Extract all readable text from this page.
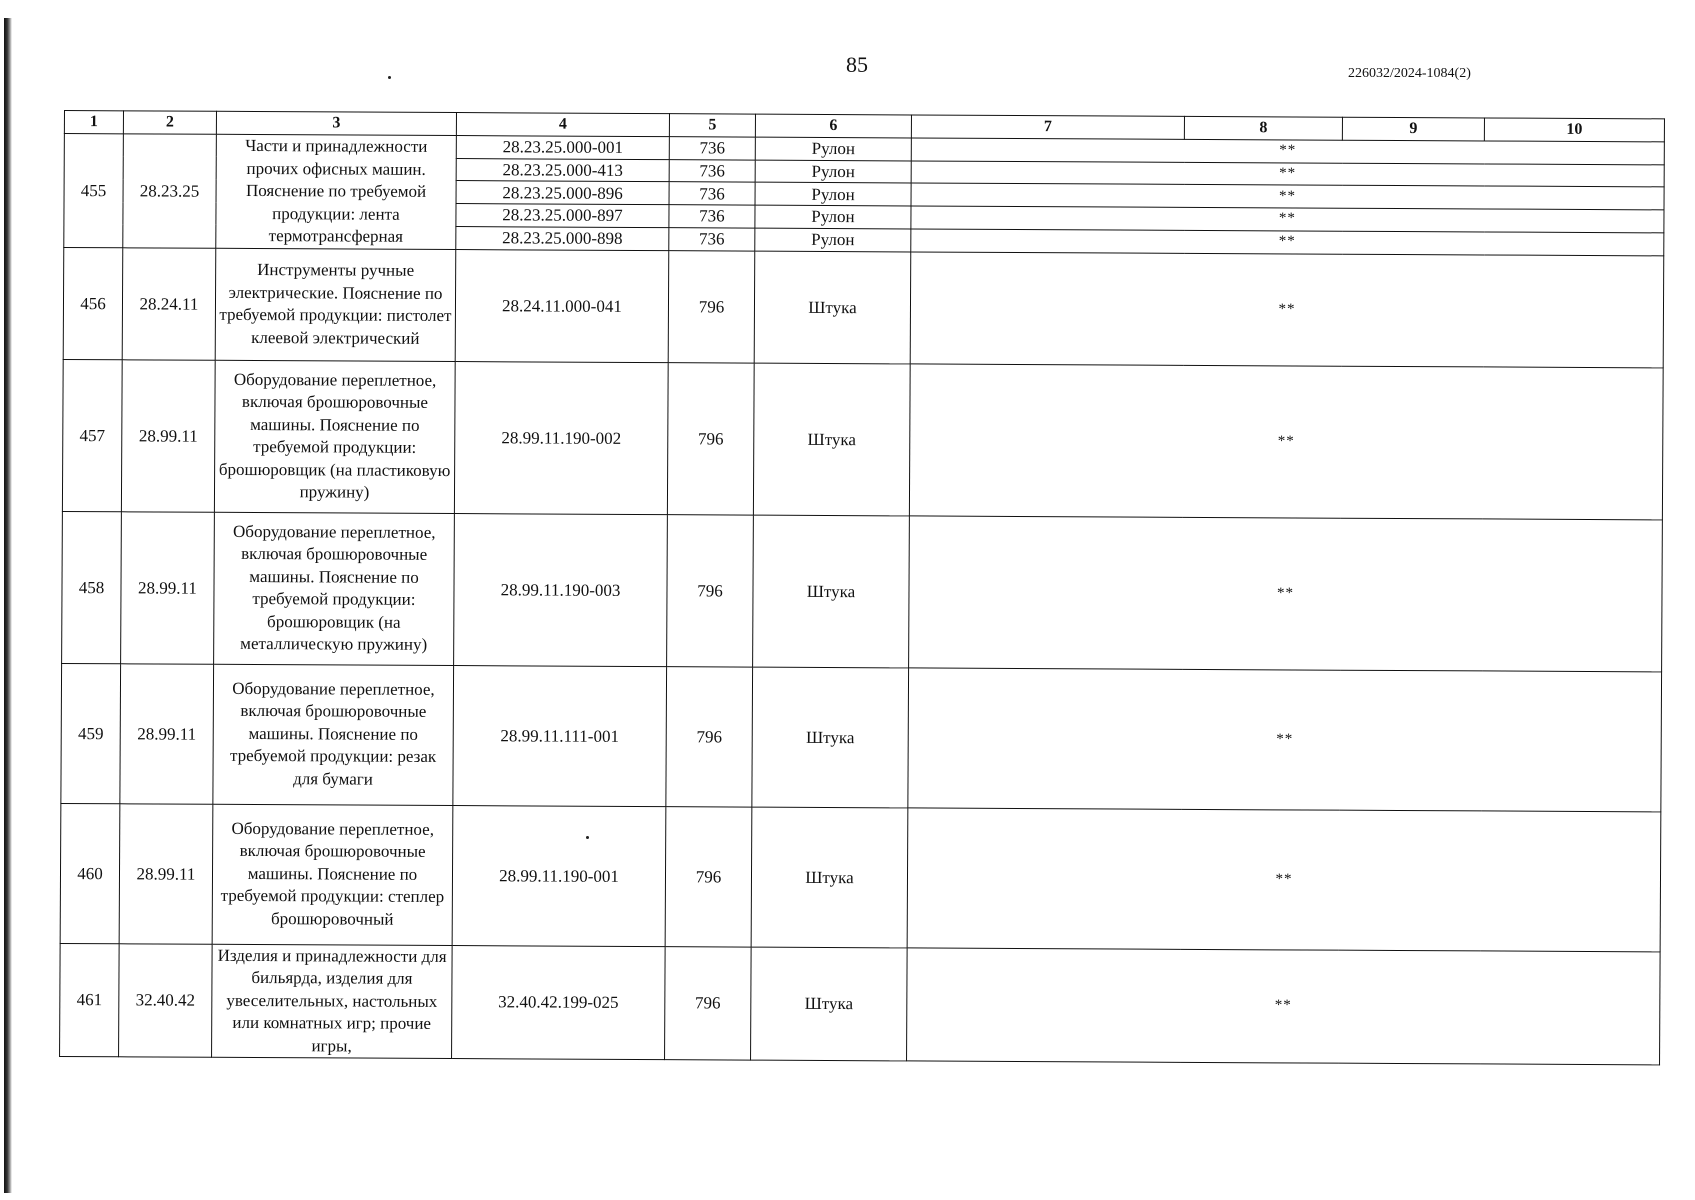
85	226032/2024-1084(2)
1	2	3	4	5	6	7	8	9	10
455	28.23.25	Части и принадлежности прочих офисных машин. Пояснение по требуемой продукции: лента термотрансферная	28.23.25.000-001	736	Рулон	**			
			28.23.25.000-413	736	Рулон	**			
			28.23.25.000-896	736	Рулон	**			
			28.23.25.000-897	736	Рулон	**			
			28.23.25.000-898	736	Рулон	**			
456	28.24.11	Инструменты ручные электрические. Пояснение по требуемой продукции: пистолет клеевой электрический	28.24.11.000-041	796	Штука	**			
457	28.99.11	Оборудование переплетное, включая брошюровочные машины. Пояснение по требуемой продукции: брошюровщик (на пластиковую пружину)	28.99.11.190-002	796	Штука	**			
458	28.99.11	Оборудование переплетное, включая брошюровочные машины. Пояснение по требуемой продукции: брошюровщик (на металлическую пружину)	28.99.11.190-003	796	Штука	**			
459	28.99.11	Оборудование переплетное, включая брошюровочные машины. Пояснение по требуемой продукции: резак для бумаги	28.99.11.111-001	796	Штука	**			
460	28.99.11	Оборудование переплетное, включая брошюровочные машины. Пояснение по требуемой продукции: степлер брошюровочный	28.99.11.190-001	796	Штука	**			
461	32.40.42	Изделия и принадлежности для бильярда, изделия для увеселительных, настольных или комнатных игр; прочие игры,	32.40.42.199-025	796	Штука	**			
